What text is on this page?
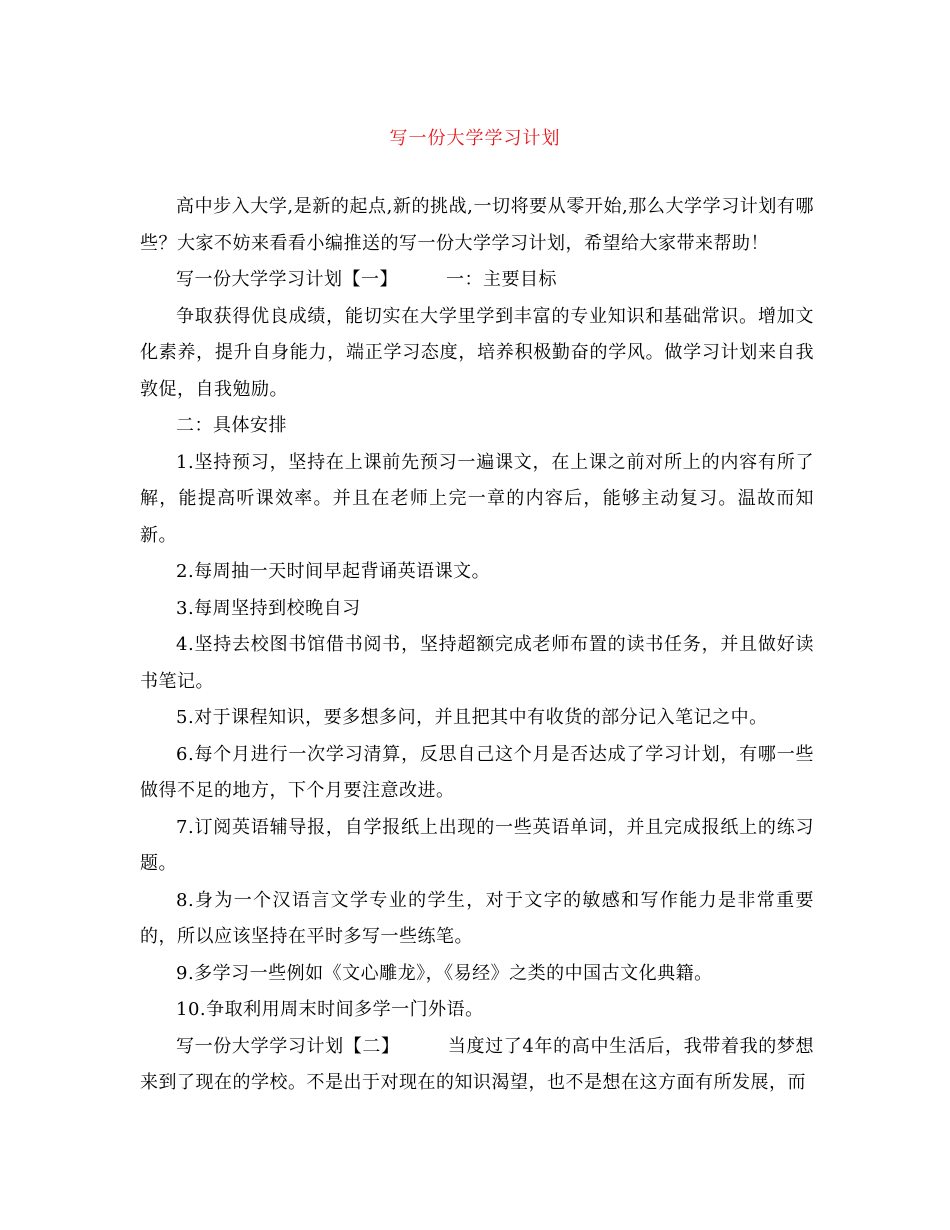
写一份大学学习计划

高中步入大学,是新的起点,新的挑战,一切将要从零开始,那么大学学习计划有哪些？大家不妨来看看小编推送的写一份大学学习计划，希望给大家带来帮助！

写一份大学学习计划【一】	一：主要目标

争取获得优良成绩，能切实在大学里学到丰富的专业知识和基础常识。增加文化素养，提升自身能力，端正学习态度，培养积极勤奋的学风。做学习计划来自我敦促，自我勉励。

二：具体安排

1.坚持预习，坚持在上课前先预习一遍课文，在上课之前对所上的内容有所了解，能提高听课效率。并且在老师上完一章的内容后，能够主动复习。温故而知新。

2.每周抽一天时间早起背诵英语课文。

3.每周坚持到校晚自习

4.坚持去校图书馆借书阅书，坚持超额完成老师布置的读书任务，并且做好读书笔记。

5.对于课程知识，要多想多问，并且把其中有收货的部分记入笔记之中。

6.每个月进行一次学习清算，反思自己这个月是否达成了学习计划，有哪一些做得不足的地方，下个月要注意改进。

7.订阅英语辅导报，自学报纸上出现的一些英语单词，并且完成报纸上的练习题。

8.身为一个汉语言文学专业的学生，对于文字的敏感和写作能力是非常重要的，所以应该坚持在平时多写一些练笔。

9.多学习一些例如《文心雕龙》，《易经》之类的中国古文化典籍。

10.争取利用周末时间多学一门外语。

写一份大学学习计划【二】	当度过了4年的高中生活后，我带着我的梦想来到了现在的学校。不是出于对现在的知识渴望，也不是想在这方面有所发展，而
